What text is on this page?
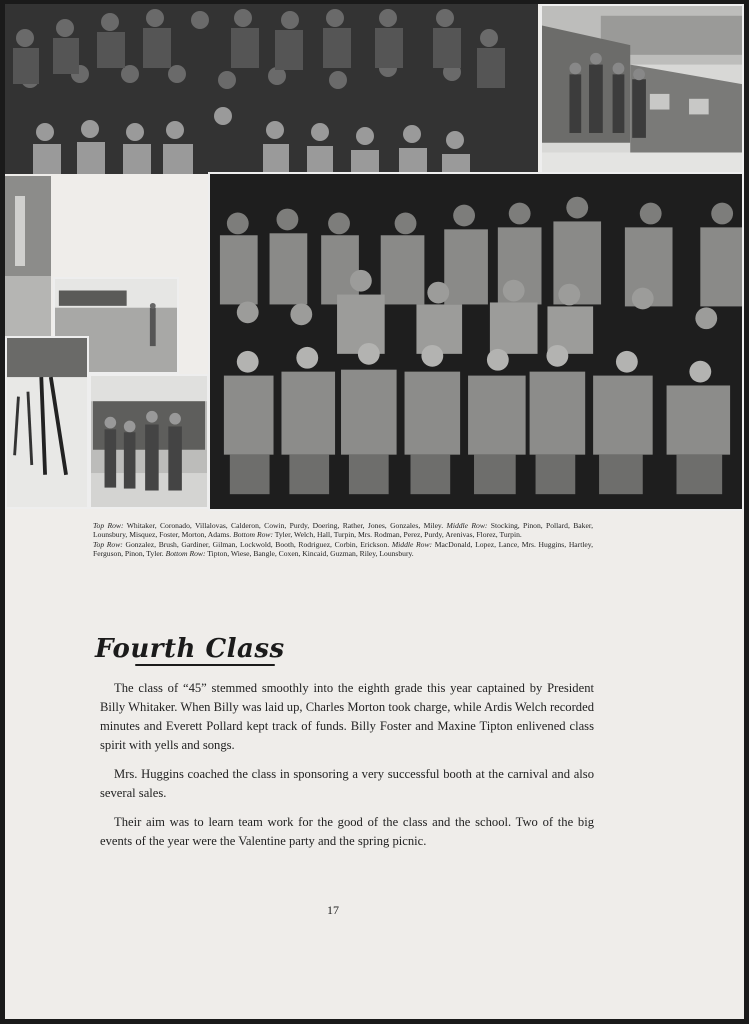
Top Row: Whitaker, Coronado, Villalovas, Calderon, Cowin, Purdy, Doering, Rather, Jones, Gonzales, Miley. Middle Row: Stocking, Pinon, Pollard, Baker, Lounsbury, Misquez, Foster, Morton, Adams. Bottom Row: Tyler, Welch, Hall, Turpin, Mrs. Rodman, Perez, Purdy, Arenivas, Florez, Turpin.

Top Row: Gonzalez, Brush, Gardiner, Gilman, Lockwold, Booth, Rodriguez, Corbin, Erickson. Middle Row: MacDonald, Lopez, Lance, Mrs. Huggins, Hartley, Ferguson, Pinon, Tyler. Bottom Row: Tipton, Wiese, Bangle, Coxen, Kincaid, Guzman, Riley, Lounsbury.

Fourth Class

The class of “45” stemmed smoothly into the eighth grade this year captained by President Billy Whitaker. When Billy was laid up, Charles Morton took charge, while Ardis Welch recorded minutes and Everett Pollard kept track of funds. Billy Foster and Maxine Tipton enlivened class spirit with yells and songs.

Mrs. Huggins coached the class in sponsoring a very successful booth at the carnival and also several sales.

Their aim was to learn team work for the good of the class and the school. Two of the big events of the year were the Valentine party and the spring picnic.

17
